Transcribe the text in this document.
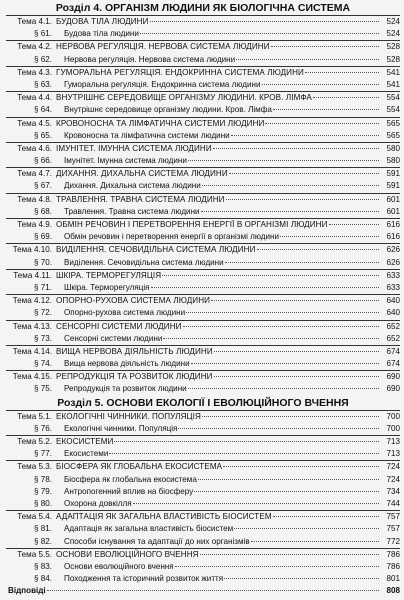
Розділ 4. ОРГАНІЗМ ЛЮДИНИ ЯК БІОЛОГІЧНА СИСТЕМА
Тема 4.1. БУДОВА ТІЛА ЛЮДИНИ	524
§ 61.	Будова тіла людини	524
Тема 4.2. НЕРВОВА РЕГУЛЯЦІЯ. НЕРВОВА СИСТЕМА ЛЮДИНИ	528
§ 62.	Нервова регуляція. Нервова система людини	528
Тема 4.3. ГУМОРАЛЬНА РЕГУЛЯЦІЯ. ЕНДОКРИННА СИСТЕМА ЛЮДИНИ	541
§ 63.	Гуморальна регуляція. Ендокринна система людини	541
Тема 4.4. ВНУТРІШНЄ СЕРЕДОВИЩЕ ОРГАНІЗМУ ЛЮДИНИ. КРОВ. ЛІМФА	554
§ 64.	Внутрішнє середовище організму людини. Кров. Лімфа	554
Тема 4.5. КРОВОНОСНА ТА ЛІМФАТИЧНА СИСТЕМИ ЛЮДИНИ	565
§ 65.	Кровоносна та лімфатична системи людини	565
Тема 4.6. ІМУНІТЕТ. ІМУННА СИСТЕМА ЛЮДИНИ	580
§ 66.	Імунітет. Імунна система людини	580
Тема 4.7. ДИХАННЯ. ДИХАЛЬНА СИСТЕМА ЛЮДИНИ	591
§ 67.	Дихання. Дихальна система людини	591
Тема 4.8. ТРАВЛЕННЯ. ТРАВНА СИСТЕМА ЛЮДИНИ	601
§ 68.	Травлення. Травна система людини	601
Тема 4.9. ОБМІН РЕЧОВИН І ПЕРЕТВОРЕННЯ ЕНЕРГІЇ В ОРГАНІЗМІ ЛЮДИНИ	616
§ 69.	Обмін речовин і перетворення енергії в організмі людини	616
Тема 4.10. ВИДІЛЕННЯ. СЕЧОВИДІЛЬНА СИСТЕМА ЛЮДИНИ	626
§ 70.	Виділення. Сечовидільна система людини	626
Тема 4.11. ШКІРА. ТЕРМОРЕГУЛЯЦІЯ	633
§ 71.	Шкіра. Терморегуляція	633
Тема 4.12. ОПОРНО-РУХОВА СИСТЕМА ЛЮДИНИ	640
§ 72.	Опорно-рухова система людини	640
Тема 4.13. СЕНСОРНІ СИСТЕМИ ЛЮДИНИ	652
§ 73.	Сенсорні системи людини	652
Тема 4.14. ВИЩА НЕРВОВА ДІЯЛЬНІСТЬ ЛЮДИНИ	674
§ 74.	Вища нервова діяльність людини	674
Тема 4.15. РЕПРОДУКЦІЯ ТА РОЗВИТОК ЛЮДИНИ	690
§ 75.	Репродукція та розвиток людини	690
Розділ 5. ОСНОВИ ЕКОЛОГІЇ І ЕВОЛЮЦІЙНОГО ВЧЕННЯ
Тема 5.1. ЕКОЛОГІЧНІ ЧИННИКИ. ПОПУЛЯЦІЯ	700
§ 76.	Екологічні чинники. Популяція	700
Тема 5.2. ЕКОСИСТЕМИ	713
§ 77.	Екосистеми	713
Тема 5.3. БІОСФЕРА ЯК ГЛОБАЛЬНА ЕКОСИСТЕМА	724
§ 78.	Біосфера як глобальна екосистема	724
§ 79.	Антропогенний вплив на біосферу	734
§ 80.	Охорона довкілля	744
Тема 5.4. АДАПТАЦІЯ ЯК ЗАГАЛЬНА ВЛАСТИВІСТЬ БІОСИСТЕМ	757
§ 81.	Адаптація як загальна властивість біосистем	757
§ 82.	Способи існування та адаптації до них організмів	772
Тема 5.5. ОСНОВИ ЕВОЛЮЦІЙНОГО ВЧЕННЯ	786
§ 83.	Основи еволюційного вчення	786
§ 84.	Походження та історичний розвиток життя	801
Відповіді	808
